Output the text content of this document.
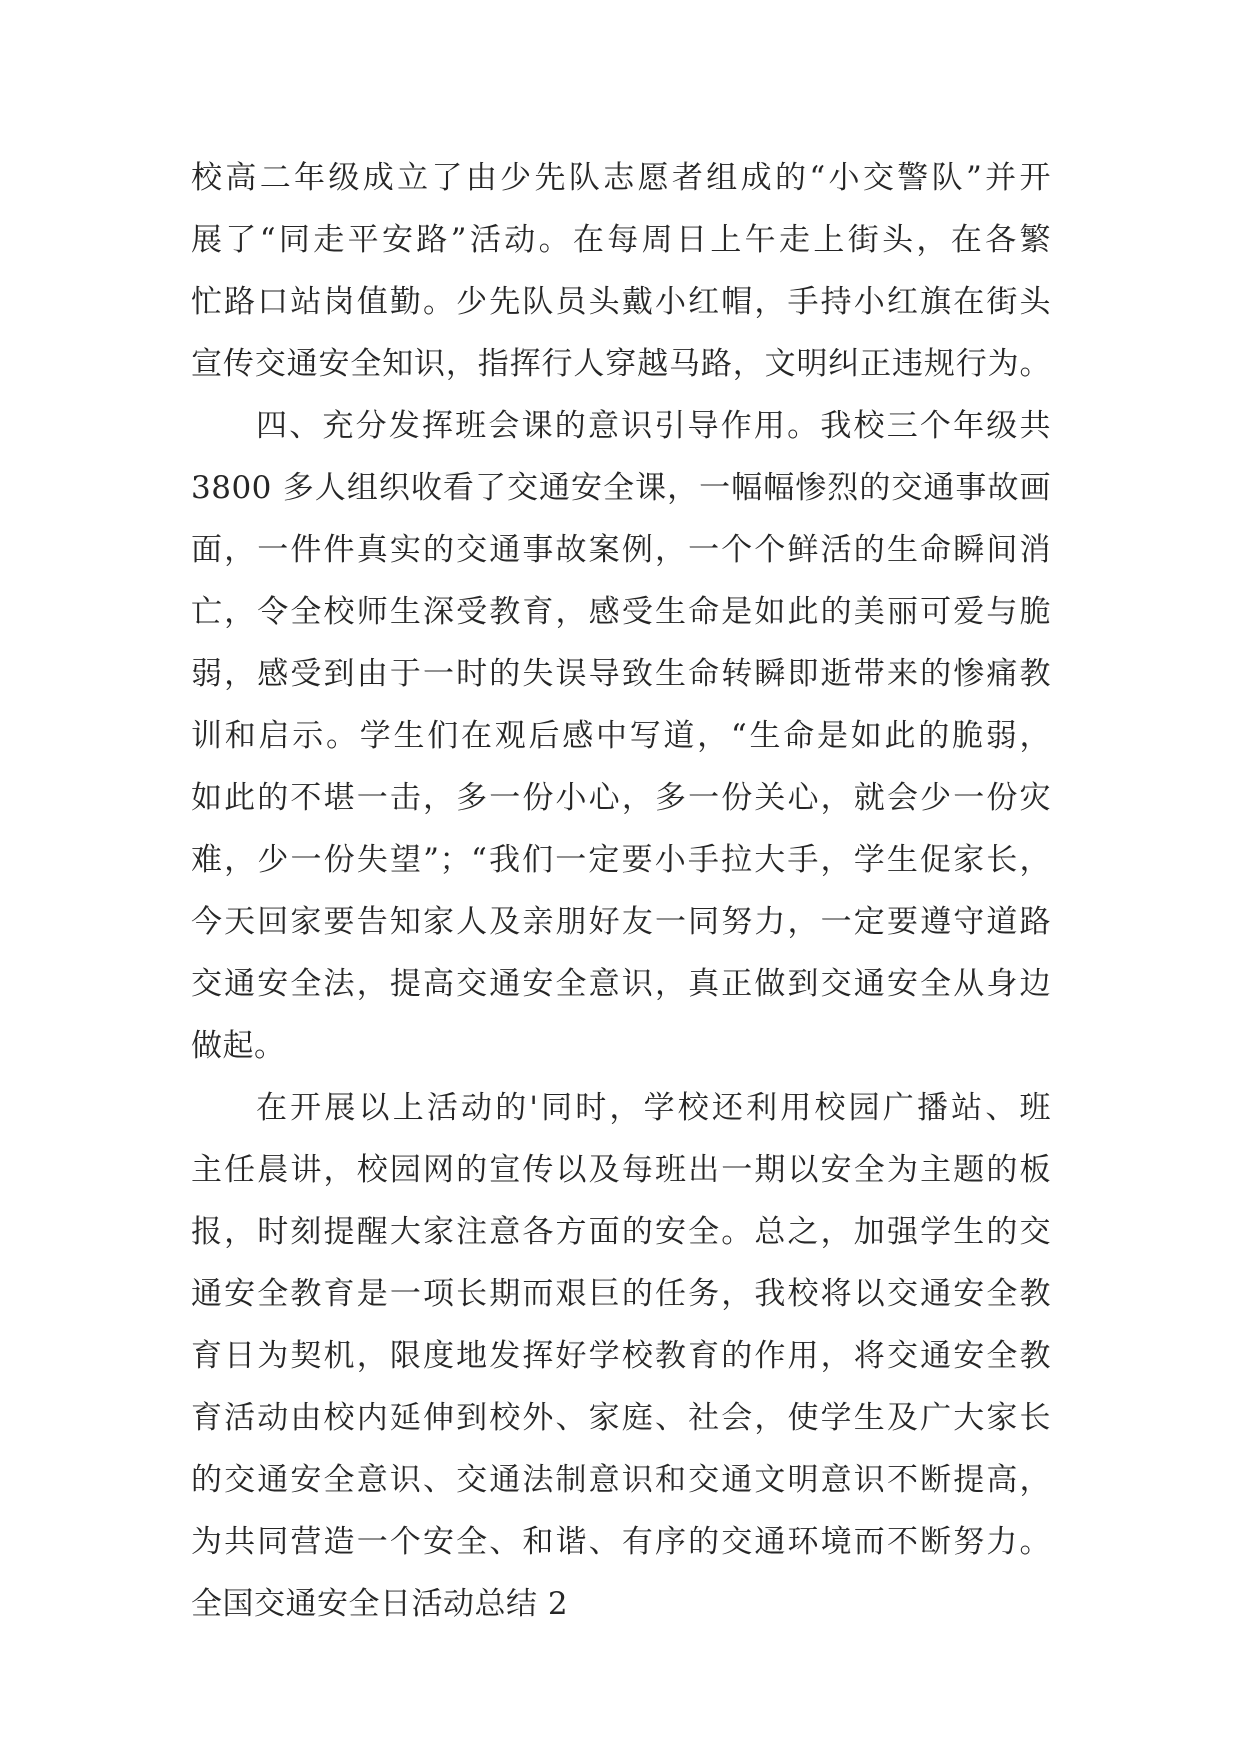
校高二年级成立了由少先队志愿者组成的“小交警队”并开
展了“同走平安路”活动。在每周日上午走上街头，在各繁
忙路口站岗值勤。少先队员头戴小红帽，手持小红旗在街头
宣传交通安全知识，指挥行人穿越马路，文明纠正违规行为。
四、充分发挥班会课的意识引导作用。我校三个年级共
3800 多人组织收看了交通安全课，一幅幅惨烈的交通事故画
面，一件件真实的交通事故案例，一个个鲜活的生命瞬间消
亡，令全校师生深受教育，感受生命是如此的美丽可爱与脆
弱，感受到由于一时的失误导致生命转瞬即逝带来的惨痛教
训和启示。学生们在观后感中写道，“生命是如此的脆弱，
如此的不堪一击，多一份小心，多一份关心，就会少一份灾
难，少一份失望”；“我们一定要小手拉大手，学生促家长，
今天回家要告知家人及亲朋好友一同努力，一定要遵守道路
交通安全法，提高交通安全意识，真正做到交通安全从身边
做起。
在开展以上活动的'同时，学校还利用校园广播站、班
主任晨讲，校园网的宣传以及每班出一期以安全为主题的板
报，时刻提醒大家注意各方面的安全。总之，加强学生的交
通安全教育是一项长期而艰巨的任务，我校将以交通安全教
育日为契机，限度地发挥好学校教育的作用，将交通安全教
育活动由校内延伸到校外、家庭、社会，使学生及广大家长
的交通安全意识、交通法制意识和交通文明意识不断提高，
为共同营造一个安全、和谐、有序的交通环境而不断努力。
全国交通安全日活动总结 2
